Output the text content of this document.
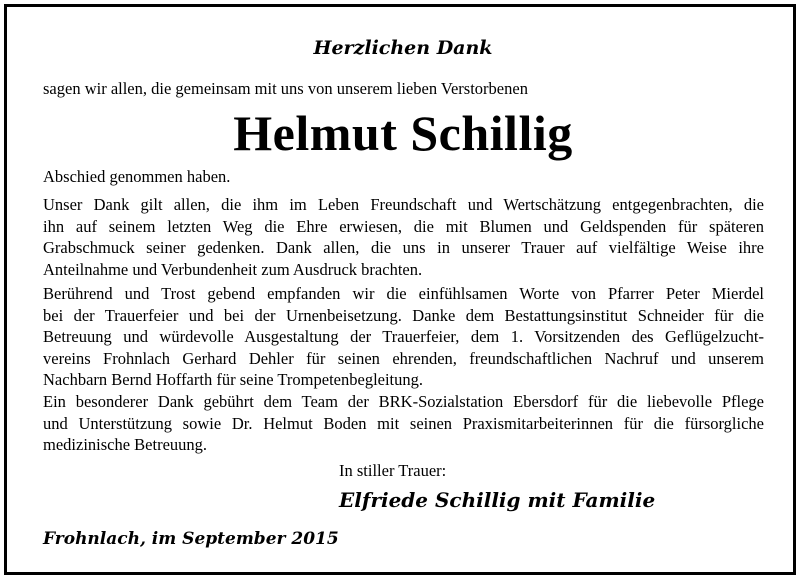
Herzlichen Dank
sagen wir allen, die gemeinsam mit uns von unserem lieben Verstorbenen
Helmut Schillig
Abschied genommen haben.
Unser Dank gilt allen, die ihm im Leben Freundschaft und Wertschätzung entgegenbrachten, die
ihn auf seinem letzten Weg die Ehre erwiesen, die mit Blumen und Geldspenden für späteren
Grabschmuck seiner gedenken. Dank allen, die uns in unserer Trauer auf vielfältige Weise ihre
Anteilnahme und Verbundenheit zum Ausdruck brachten.
Berührend und Trost gebend empfanden wir die einfühlsamen Worte von Pfarrer Peter Mierdel
bei der Trauerfeier und bei der Urnenbeisetzung. Danke dem Bestattungsinstitut Schneider für die
Betreuung und würdevolle Ausgestaltung der Trauerfeier, dem 1. Vorsitzenden des Geflügelzucht-
vereins Frohnlach Gerhard Dehler für seinen ehrenden, freundschaftlichen Nachruf und unserem
Nachbarn Bernd Hoffarth für seine Trompetenbegleitung.
Ein besonderer Dank gebührt dem Team der BRK-Sozialstation Ebersdorf für die liebevolle Pflege
und Unterstützung sowie Dr. Helmut Boden mit seinen Praxismitarbeiterinnen für die fürsorgliche
medizinische Betreuung.
In stiller Trauer:
Elfriede Schillig mit Familie
Frohnlach, im September 2015
